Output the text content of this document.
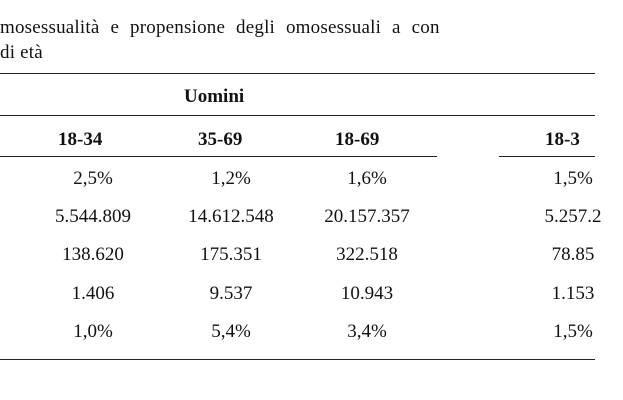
mosessualità e propensione degli omosessuali a con
di età
Uomini
18-34	35-69	18-69	18-3
2,5%	1,2%	1,6%	1,5%
5.544.809	14.612.548	20.157.357	5.257.2
138.620	175.351	322.518	78.85
1.406	9.537	10.943	1.153
1,0%	5,4%	3,4%	1,5%
